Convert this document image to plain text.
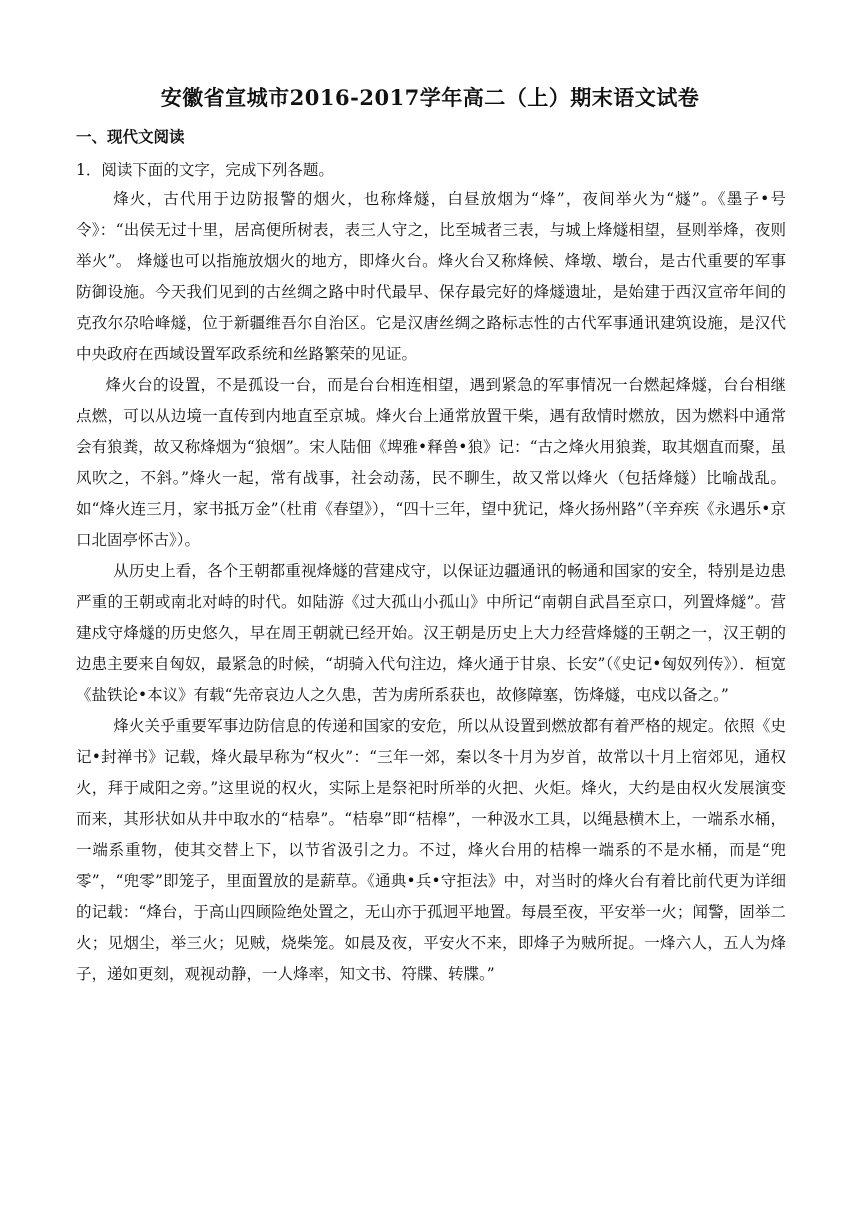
安徽省宣城市2016-2017学年高二（上）期末语文试卷
一、现代文阅读
1．阅读下面的文字，完成下列各题。

烽火，古代用于边防报警的烟火，也称烽燧，白昼放烟为“烽”，夜间举火为“燧”。《墨子•号令》：“出侯无过十里，居高便所树表，表三人守之，比至城者三表，与城上烽燧相望，昼则举烽，夜则举火”。 烽燧也可以指施放烟火的地方，即烽火台。烽火台又称烽候、烽墩、墩台，是古代重要的军事防御设施。今天我们见到的古丝绸之路中时代最早、保存最完好的烽燧遗址，是始建于西汉宣帝年间的克孜尔尕哈峰燧，位于新疆维吾尔自治区。它是汉唐丝绸之路标志性的古代军事通讯建筑设施，是汉代中央政府在西域设置军政系统和丝路繁荣的见证。

烽火台的设置，不是孤设一台，而是台台相连相望，遇到紧急的军事情况一台燃起烽燧，台台相继点燃，可以从边境一直传到内地直至京城。烽火台上通常放置干柴，遇有敌情时燃放，因为燃料中通常会有狼粪，故又称烽烟为“狼烟”。宋人陆佃《埤雅•释兽•狼》记：“古之烽火用狼粪，取其烟直而聚，虽风吹之，不斜。”烽火一起，常有战事，社会动荡，民不聊生，故又常以烽火（包括烽燧）比喻战乱。如“烽火连三月，家书抵万金”（杜甫《春望》），“四十三年，望中犹记，烽火扬州路”（辛弃疾《永遇乐•京口北固亭怀古》）。

从历史上看，各个王朝都重视烽燧的营建戍守，以保证边疆通讯的畅通和国家的安全，特别是边患严重的王朝或南北对峙的时代。如陆游《过大孤山小孤山》中所记“南朝自武昌至京口，列置烽燧”。营建戍守烽燧的历史悠久，早在周王朝就已经开始。汉王朝是历史上大力经营烽燧的王朝之一，汉王朝的边患主要来自匈奴，最紧急的时候，“胡骑入代句注边，烽火通于甘泉、长安”（《史记•匈奴列传》）．桓宽《盐铁论•本议》有载“先帝哀边人之久患，苦为虏所系获也，故修障塞，饬烽燧，屯戍以备之。”

烽火关乎重要军事边防信息的传递和国家的安危，所以从设置到燃放都有着严格的规定。依照《史记•封禅书》记载，烽火最早称为“权火”：“三年一郊，秦以冬十月为岁首，故常以十月上宿郊见，通权火，拜于咸阳之旁。”这里说的权火，实际上是祭祀时所举的火把、火炬。烽火，大约是由权火发展演变而来，其形状如从井中取水的“桔皋”。“桔皋”即“桔槔”，一种汲水工具，以绳悬横木上，一端系水桶，一端系重物，使其交替上下，以节省汲引之力。不过，烽火台用的桔槔一端系的不是水桶，而是“兜零”，“兜零”即笼子，里面置放的是薪草。《通典•兵•守拒法》中，对当时的烽火台有着比前代更为详细的记载：“烽台，于高山四顾险绝处置之，无山亦于孤迥平地置。每晨至夜，平安举一火；闻警，固举二火；见烟尘，举三火；见贼，烧柴笼。如晨及夜，平安火不来，即烽子为贼所捉。一烽六人，五人为烽子，递如更刻，观视动静，一人烽率，知文书、符牒、转牒。”
